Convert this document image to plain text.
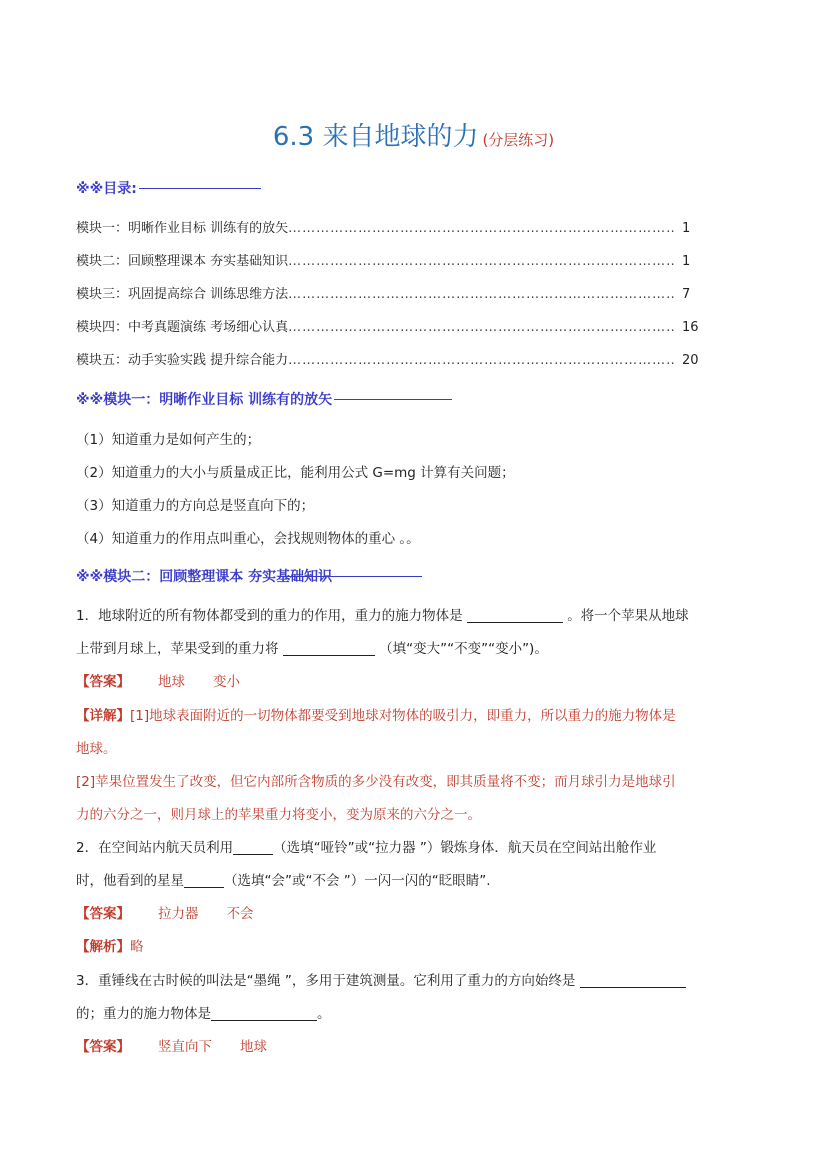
6.3 来自地球的力 (分层练习)
※※目录:
模块一：明晰作业目标 训练有的放矢 …………………………………………………………………………………………………	1
模块二：回顾整理课本 夯实基础知识 …………………………………………………………………………………………………	1
模块三：巩固提高综合 训练思维方法 …………………………………………………………………………………………………	7
模块四：中考真题演练 考场细心认真 …………………………………………………………………………………………………	16
模块五：动手实验实践 提升综合能力 …………………………………………………………………………………………………	20
※※模块一：明晰作业目标 训练有的放矢
（1）知道重力是如何产生的；
（2）知道重力的大小与质量成正比，能利用公式 G=mg 计算有关问题；
（3）知道重力的方向总是竖直向下的；
（4）知道重力的作用点叫重心，会找规则物体的重心 。。
※※模块二：回顾整理课本 夯实基础知识
1．地球附近的所有物体都受到的重力的作用，重力的施力物体是	。将一个苹果从地球
上带到月球上，苹果受到的重力将	（填“变大”“不变”“变小”)。
【答案】 地球 变小
【详解】[1]地球表面附近的一切物体都要受到地球对物体的吸引力，即重力，所以重力的施力物体是
地球。
[2]苹果位置发生了改变，但它内部所含物质的多少没有改变，即其质量将不变；而月球引力是地球引
力的六分之一，则月球上的苹果重力将变小，变为原来的六分之一。
2．在空间站内航天员利用	（选填“哑铃”或“拉力器 ”）锻炼身体．航天员在空间站出舱作业
时，他看到的星星	（选填“会”或“不会 ”）一闪一闪的“眨眼睛”.
【答案】 拉力器 不会
【解析】略
3．重锤线在古时候的叫法是“墨绳 ”，多用于建筑测量。它利用了重力的方向始终是
的；重力的施力物体是	。
【答案】 竖直向下 地球
